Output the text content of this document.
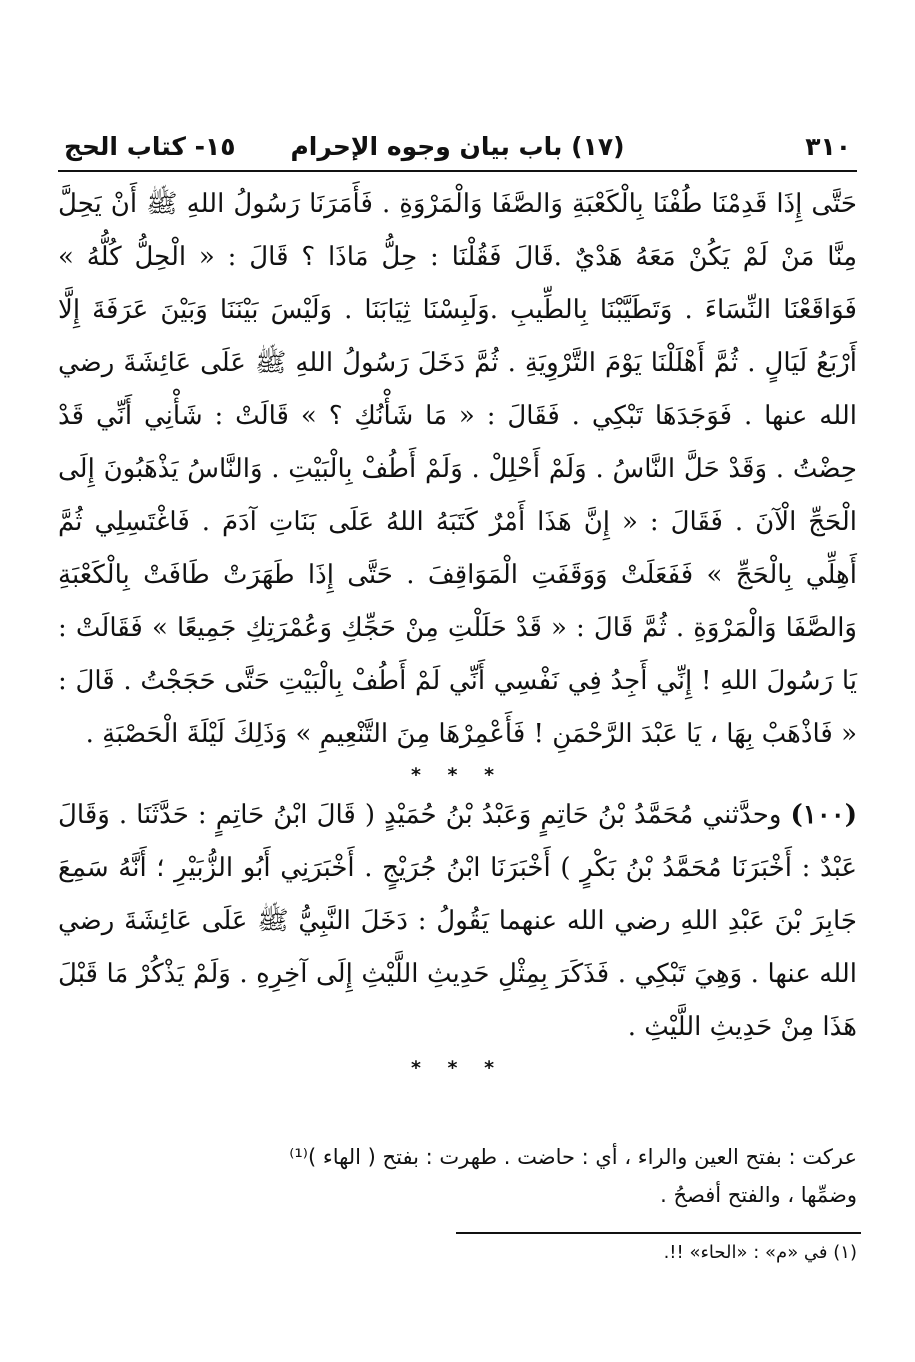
٣١٠
(١٧) باب بيان وجوه الإحرام
١٥- كتاب الحج

حَتَّى إِذَا قَدِمْنَا طُفْنَا بِالْكَعْبَةِ وَالصَّفَا وَالْمَرْوَةِ . فَأَمَرَنَا رَسُولُ اللهِ ﷺ أَنْ يَحِلَّ مِنَّا مَنْ لَمْ يَكُنْ مَعَهُ هَدْيٌ .قَالَ فَقُلْنَا : حِلُّ مَاذَا ؟ قَالَ : « الْحِلُّ كُلُّهُ » فَوَاقَعْنَا النِّسَاءَ . وَتَطَيَّبْنَا بِالطِّيبِ .وَلَبِسْنَا ثِيَابَنَا . وَلَيْسَ بَيْنَنَا وَبَيْنَ عَرَفَةَ إِلَّا أَرْبَعُ لَيَالٍ . ثُمَّ أَهْلَلْنَا يَوْمَ التَّرْوِيَةِ . ثُمَّ دَخَلَ رَسُولُ اللهِ ﷺ عَلَى عَائِشَةَ رضي الله عنها . فَوَجَدَهَا تَبْكِي . فَقَالَ : « مَا شَأْنُكِ ؟ » قَالَتْ : شَأْنِي أَنِّي قَدْ حِضْتُ . وَقَدْ حَلَّ النَّاسُ . وَلَمْ أَحْلِلْ . وَلَمْ أَطُفْ بِالْبَيْتِ . وَالنَّاسُ يَذْهَبُونَ إِلَى الْحَجِّ الْآنَ . فَقَالَ : « إِنَّ هَذَا أَمْرٌ كَتَبَهُ اللهُ عَلَى بَنَاتِ آدَمَ . فَاغْتَسِلِي ثُمَّ أَهِلِّي بِالْحَجِّ » فَفَعَلَتْ وَوَقَفَتِ الْمَوَاقِفَ . حَتَّى إِذَا طَهَرَتْ طَافَتْ بِالْكَعْبَةِ وَالصَّفَا وَالْمَرْوَةِ . ثُمَّ قَالَ : « قَدْ حَلَلْتِ مِنْ حَجِّكِ وَعُمْرَتِكِ جَمِيعًا » فَقَالَتْ : يَا رَسُولَ اللهِ ! إِنِّي أَجِدُ فِي نَفْسِي أَنِّي لَمْ أَطُفْ بِالْبَيْتِ حَتَّى حَجَجْتُ . قَالَ : « فَاذْهَبْ بِهَا ، يَا عَبْدَ الرَّحْمَنِ ! فَأَعْمِرْهَا مِنَ التَّنْعِيمِ » وَذَلِكَ لَيْلَةَ الْحَصْبَةِ .

* * *

(١٠٠) وحدَّثني مُحَمَّدُ بْنُ حَاتِمٍ وَعَبْدُ بْنُ حُمَيْدٍ ( قَالَ ابْنُ حَاتِمٍ : حَدَّثَنَا . وَقَالَ عَبْدٌ : أَخْبَرَنَا مُحَمَّدُ بْنُ بَكْرٍ ) أَخْبَرَنَا ابْنُ جُرَيْجٍ . أَخْبَرَنِي أَبُو الزُّبَيْرِ ؛ أَنَّهُ سَمِعَ جَابِرَ بْنَ عَبْدِ اللهِ رضي الله عنهما يَقُولُ : دَخَلَ النَّبِيُّ ﷺ عَلَى عَائِشَةَ رضي الله عنها . وَهِيَ تَبْكِي . فَذَكَرَ بِمِثْلِ حَدِيثِ اللَّيْثِ إِلَى آخِرِهِ . وَلَمْ يَذْكُرْ مَا قَبْلَ هَذَا مِنْ حَدِيثِ اللَّيْثِ .

* * *

عركت : بفتح العين والراء ، أي : حاضت . طهرت : بفتح ( الهاء )⁽¹⁾

وضمِّها ، والفتح أفصحُ .

(١) في «م» : «الحاء» !!.
